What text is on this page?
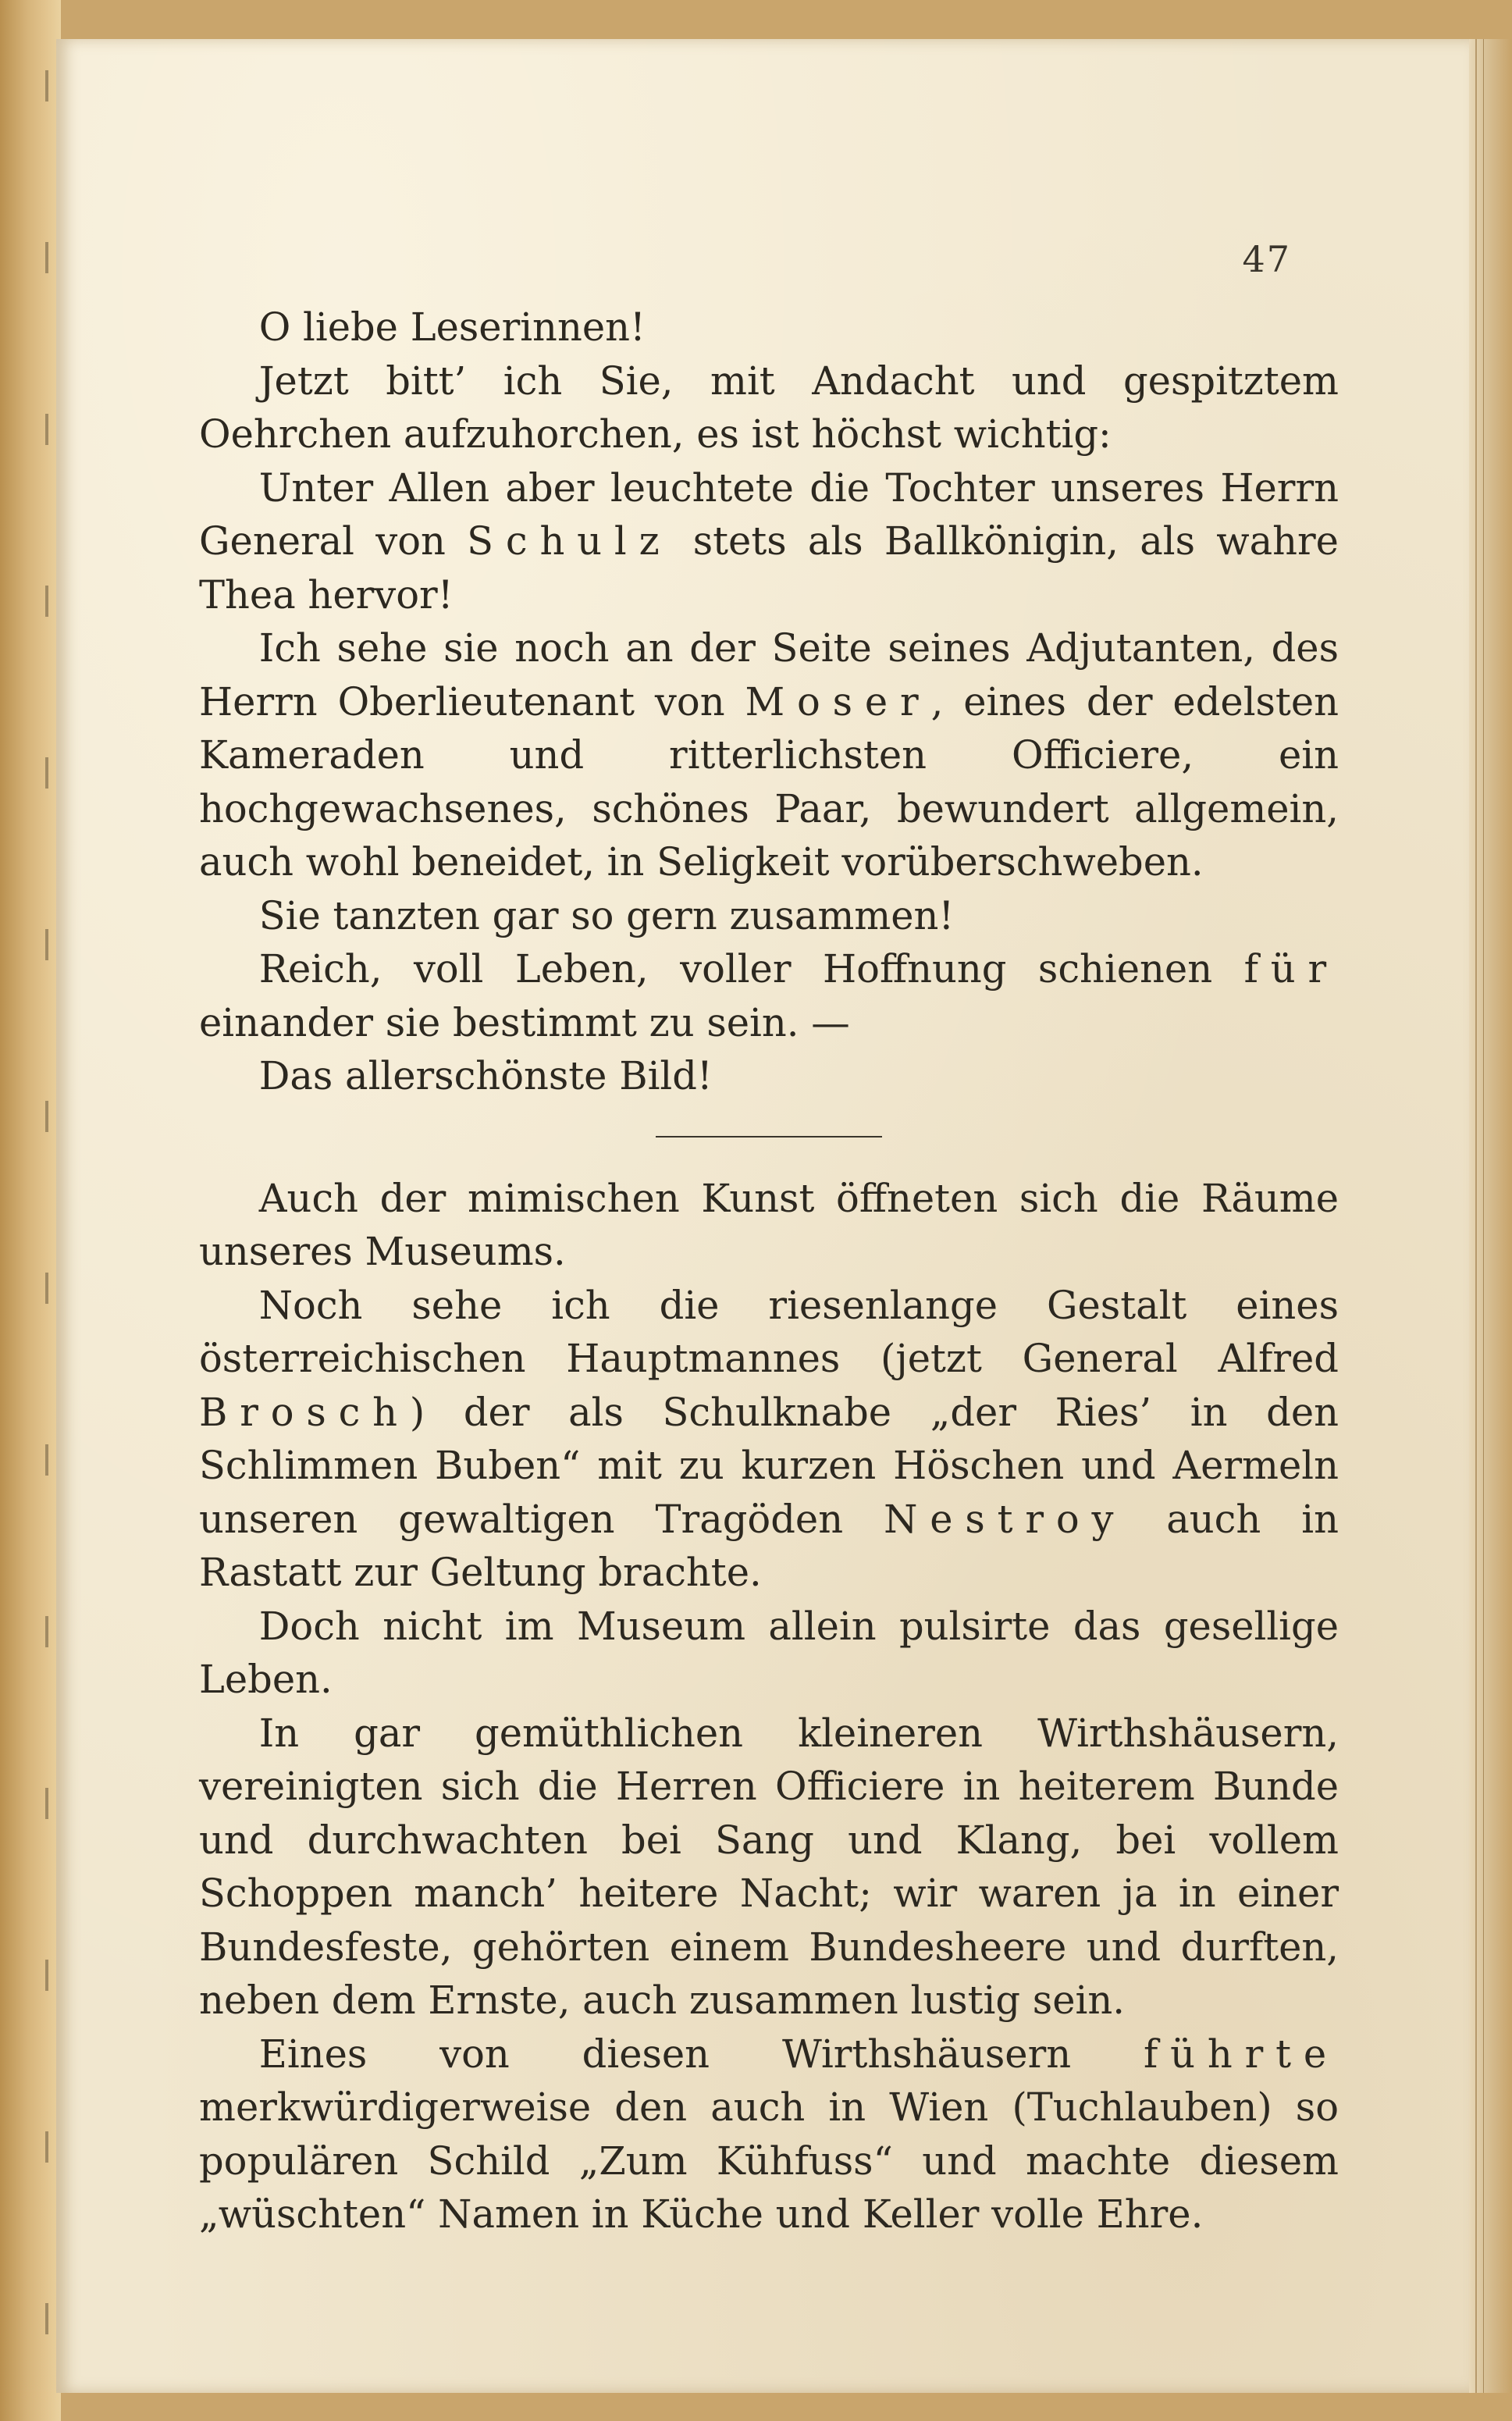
47

O liebe Leserinnen!

Jetzt bitt’ ich Sie, mit Andacht und gespitztem Oehrchen aufzuhorchen, es ist höchst wichtig:

Unter Allen aber leuchtete die Tochter unseres Herrn General von Schulz stets als Ballkönigin, als wahre Thea hervor!

Ich sehe sie noch an der Seite seines Adjutanten, des Herrn Oberlieutenant von Moser, eines der edelsten Kameraden und ritterlichsten Officiere, ein hochgewachsenes, schönes Paar, bewundert allgemein, auch wohl beneidet, in Seligkeit vorüberschweben.

Sie tanzten gar so gern zusammen!

Reich, voll Leben, voller Hoffnung schienen für einander sie bestimmt zu sein. —

Das allerschönste Bild!

Auch der mimischen Kunst öffneten sich die Räume unseres Museums.

Noch sehe ich die riesenlange Gestalt eines österreichischen Hauptmannes (jetzt General Alfred Brosch) der als Schulknabe „der Ries’ in den Schlimmen Buben“ mit zu kurzen Höschen und Aermeln unseren gewaltigen Tragöden Nestroy auch in Rastatt zur Geltung brachte.

Doch nicht im Museum allein pulsirte das gesellige Leben.

In gar gemüthlichen kleineren Wirthshäusern, vereinigten sich die Herren Officiere in heiterem Bunde und durchwachten bei Sang und Klang, bei vollem Schoppen manch’ heitere Nacht; wir waren ja in einer Bundesfeste, gehörten einem Bundesheere und durften, neben dem Ernste, auch zusammen lustig sein.

Eines von diesen Wirthshäusern führte merkwürdigerweise den auch in Wien (Tuchlauben) so populären Schild „Zum Kühfuss“ und machte diesem „wüschten“ Namen in Küche und Keller volle Ehre.
